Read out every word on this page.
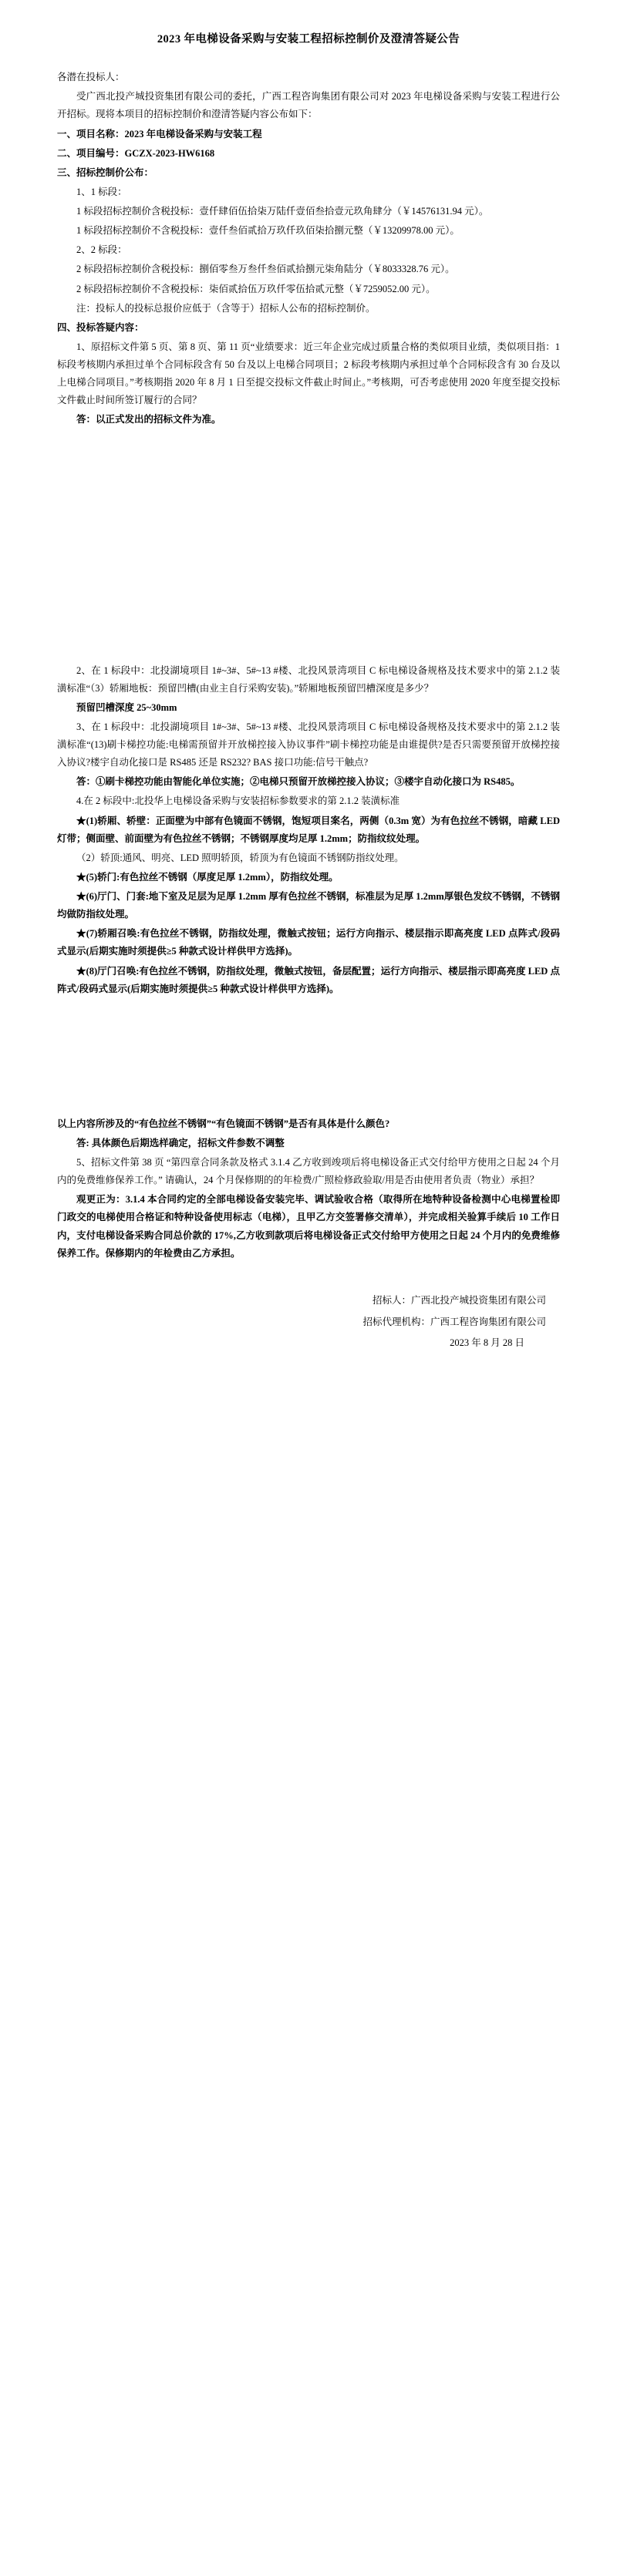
2023 年电梯设备采购与安装工程招标控制价及澄清答疑公告

各潜在投标人：

受广西北投产城投资集团有限公司的委托，广西工程咨询集团有限公司对 2023 年电梯设备采购与安装工程进行公开招标。现将本项目的招标控制价和澄清答疑内容公布如下：

一、项目名称：2023 年电梯设备采购与安装工程

二、项目编号：GCZX-2023-HW6168

三、招标控制价公布：

1、1 标段：

1 标段招标控制价含税投标：壹仟肆佰伍拾柒万陆仟壹佰叁拾壹元玖角肆分（￥14576131.94 元）。

1 标段招标控制价不含税投标：壹仟叁佰贰拾万玖仟玖佰柒拾捌元整（￥13209978.00 元）。

2、2 标段：

2 标段招标控制价含税投标：捌佰零叁万叁仟叁佰贰拾捌元柒角陆分（￥8033328.76 元）。

2 标段招标控制价不含税投标：柒佰贰拾伍万玖仟零伍拾贰元整（￥7259052.00 元）。

注：投标人的投标总报价应低于（含等于）招标人公布的招标控制价。

四、投标答疑内容：

1、原招标文件第 5 页、第 8 页、第 11 页“业绩要求：近三年企业完成过质量合格的类似项目业绩，类似项目指：1 标段考核期内承担过单个合同标段含有 50 台及以上电梯合同项目；2 标段考核期内承担过单个合同标段含有 30 台及以上电梯合同项目。”考核期指 2020 年 8 月 1 日至提交投标文件截止时间止。”考核期，可否考虑使用 2020 年度至提交投标文件截止时间所签订履行的合同？

答：以正式发出的招标文件为准。

2、在 1 标段中：北投湖境项目 1#~3#、5#~13 #楼、北投风景湾项目 C 标电梯设备规格及技术要求中的第 2.1.2 装潢标准“（3）轿厢地板：预留凹槽(由业主自行采购安装)。”轿厢地板预留凹槽深度是多少？

预留凹槽深度 25~30mm

3、在 1 标段中：北投湖境项目 1#~3#、5#~13 #楼、北投风景湾项目 C 标电梯设备规格及技术要求中的第 2.1.2 装潢标准“(13)刷卡梯控功能:电梯需预留并开放梯控接入协议事件”刷卡梯控功能是由谁提供?是否只需要预留开放梯控接入协议?楼宇自动化接口是 RS485 还是 RS232? BAS 接口功能:信号干触点?

答：①刷卡梯控功能由智能化单位实施；②电梯只预留开放梯控接入协议；③楼宇自动化接口为 RS485。

4.在 2 标段中:北投华上电梯设备采购与安装招标参数要求的第 2.1.2 装潢标准

★(1)轿厢、轿壁：正面壁为中部有色镜面不锈钢，饱短项目案名，两侧（0.3m 宽）为有色拉丝不锈钢，暗藏 LED 灯带；侧面壁、前面壁为有色拉丝不锈钢；不锈钢厚度均足厚 1.2mm；防指纹纹处理。

（2）轿顶:通风、明亮、LED 照明轿顶，轿顶为有色镜面不锈钢防指纹处理。

★(5)轿门:有色拉丝不锈钢（厚度足厚 1.2mm），防指纹处理。

★(6)厅门、门套:地下室及足层为足厚 1.2mm 厚有色拉丝不锈钢，标准层为足厚 1.2mm厚银色发纹不锈钢，不锈钢均做防指纹处理。

★(7)轿厢召唤:有色拉丝不锈钢，防指纹处理，微触式按钮；运行方向指示、楼层指示即高亮度 LED 点阵式/段码式显示(后期实施时须提供≥5 种款式设计样供甲方选择)。

★(8)厅门召唤:有色拉丝不锈钢，防指纹处理，微触式按钮，备层配置；运行方向指示、楼层指示即高亮度 LED 点阵式/段码式显示(后期实施时须提供≥5 种款式设计样供甲方选择)。

以上内容所涉及的“有色拉丝不锈钢”“有色镜面不锈钢”是否有具体是什么颜色?

答: 具体颜色后期选样确定，招标文件参数不调整

5、招标文件第 38 页 “第四章合同条款及格式 3.1.4 乙方收到竣项后将电梯设备正式交付给甲方使用之日起 24 个月内的免费维修保养工作。” 请确认，24 个月保修期的的年检费/广照检修政验取/用是否由使用者负责（物业）承担？

观更正为：3.1.4 本合同约定的全部电梯设备安装完毕、调试验收合格（取得所在地特种设备检测中心电梯置检即门政交的电梯使用合格证和特种设备使用标志（电梯），且甲乙方交签署修交清单），并完成相关验算手续后 10 工作日内，支付电梯设备采购合同总价款的 17%,乙方收到款项后将电梯设备正式交付给甲方使用之日起 24 个月内的免费维修保养工作。保修期内的年检费由乙方承担。

招标人：广西北投产城投资集团有限公司

招标代理机构：广西工程咨询集团有限公司

2023 年 8 月 28 日
